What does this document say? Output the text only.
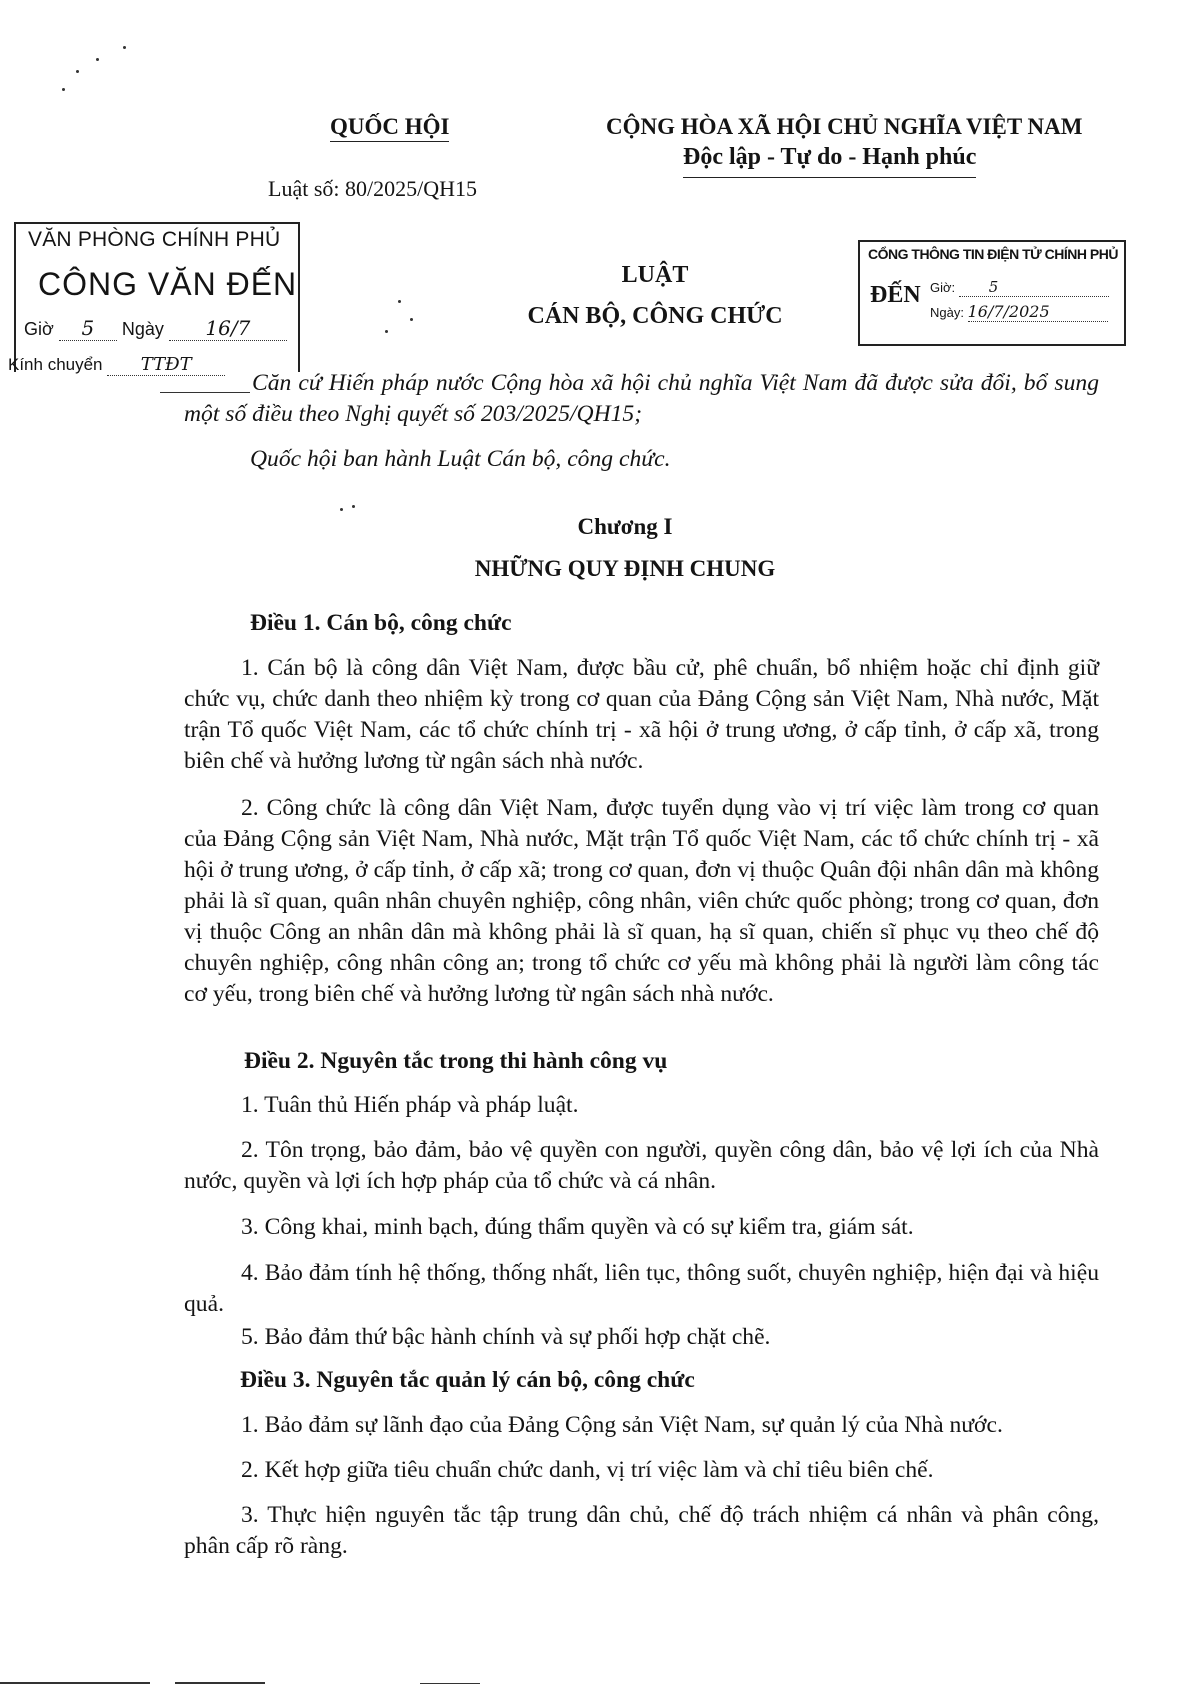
QUỐC HỘI
Luật số: 80/2025/QH15
CỘNG HÒA XÃ HỘI CHỦ NGHĨA VIỆT NAM
Độc lập - Tự do - Hạnh phúc
VĂN PHÒNG CHÍNH PHỦ
CÔNG VĂN ĐẾN
Giờ 5 Ngày 16/7
Kính chuyển TTĐT
CỔNG THÔNG TIN ĐIỆN TỬ CHÍNH PHỦ
ĐẾN Giờ: 5
Ngày: 16/7/2025
LUẬT
CÁN BỘ, CÔNG CHỨC

Căn cứ Hiến pháp nước Cộng hòa xã hội chủ nghĩa Việt Nam đã được sửa đổi, bổ sung một số điều theo Nghị quyết số 203/2025/QH15;

Quốc hội ban hành Luật Cán bộ, công chức.

Chương I
NHỮNG QUY ĐỊNH CHUNG
Điều 1. Cán bộ, công chức

1. Cán bộ là công dân Việt Nam, được bầu cử, phê chuẩn, bổ nhiệm hoặc chỉ định giữ chức vụ, chức danh theo nhiệm kỳ trong cơ quan của Đảng Cộng sản Việt Nam, Nhà nước, Mặt trận Tổ quốc Việt Nam, các tổ chức chính trị - xã hội ở trung ương, ở cấp tỉnh, ở cấp xã, trong biên chế và hưởng lương từ ngân sách nhà nước.

2. Công chức là công dân Việt Nam, được tuyển dụng vào vị trí việc làm trong cơ quan của Đảng Cộng sản Việt Nam, Nhà nước, Mặt trận Tổ quốc Việt Nam, các tổ chức chính trị - xã hội ở trung ương, ở cấp tỉnh, ở cấp xã; trong cơ quan, đơn vị thuộc Quân đội nhân dân mà không phải là sĩ quan, quân nhân chuyên nghiệp, công nhân, viên chức quốc phòng; trong cơ quan, đơn vị thuộc Công an nhân dân mà không phải là sĩ quan, hạ sĩ quan, chiến sĩ phục vụ theo chế độ chuyên nghiệp, công nhân công an; trong tổ chức cơ yếu mà không phải là người làm công tác cơ yếu, trong biên chế và hưởng lương từ ngân sách nhà nước.

Điều 2. Nguyên tắc trong thi hành công vụ

1. Tuân thủ Hiến pháp và pháp luật.

2. Tôn trọng, bảo đảm, bảo vệ quyền con người, quyền công dân, bảo vệ lợi ích của Nhà nước, quyền và lợi ích hợp pháp của tổ chức và cá nhân.

3. Công khai, minh bạch, đúng thẩm quyền và có sự kiểm tra, giám sát.

4. Bảo đảm tính hệ thống, thống nhất, liên tục, thông suốt, chuyên nghiệp, hiện đại và hiệu quả.

5. Bảo đảm thứ bậc hành chính và sự phối hợp chặt chẽ.

Điều 3. Nguyên tắc quản lý cán bộ, công chức

1. Bảo đảm sự lãnh đạo của Đảng Cộng sản Việt Nam, sự quản lý của Nhà nước.

2. Kết hợp giữa tiêu chuẩn chức danh, vị trí việc làm và chỉ tiêu biên chế.

3. Thực hiện nguyên tắc tập trung dân chủ, chế độ trách nhiệm cá nhân và phân công, phân cấp rõ ràng.
